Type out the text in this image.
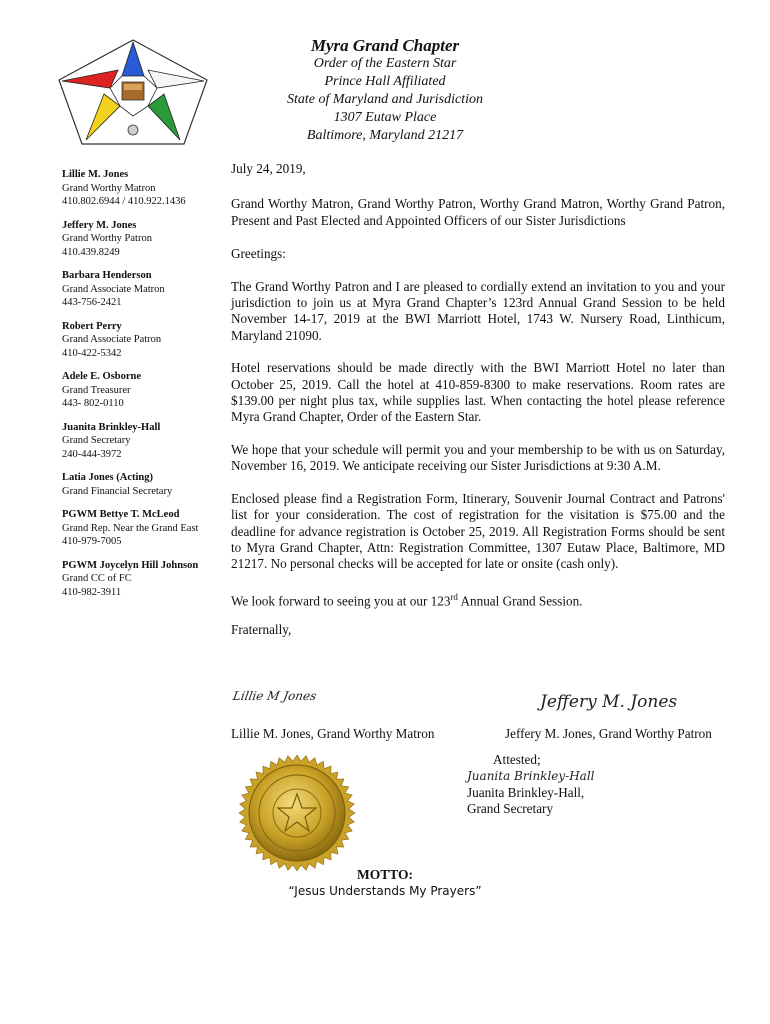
Myra Grand Chapter
Order of the Eastern Star
Prince Hall Affiliated
State of Maryland and Jurisdiction
1307 Eutaw Place
Baltimore, Maryland 21217
Lillie M. Jones
Grand Worthy Matron
410.802.6944 / 410.922.1436
Jeffery M. Jones
Grand Worthy Patron
410.439.8249
Barbara Henderson
Grand Associate Matron
443-756-2421
Robert Perry
Grand Associate Patron
410-422-5342
Adele E. Osborne
Grand Treasurer
443- 802-0110
Juanita Brinkley-Hall
Grand Secretary
240-444-3972
Latia Jones (Acting)
Grand Financial Secretary
PGWM Bettye T. McLeod
Grand Rep. Near the Grand East
410-979-7005
PGWM Joycelyn Hill Johnson
Grand CC of FC
410-982-3911

July 24, 2019,

Grand Worthy Matron, Grand Worthy Patron, Worthy Grand Matron, Worthy Grand Patron, Present and Past Elected and Appointed Officers of our Sister Jurisdictions

Greetings:

The Grand Worthy Patron and I are pleased to cordially extend an invitation to you and your jurisdiction to join us at Myra Grand Chapter’s 123rd Annual Grand Session to be held November 14-17, 2019 at the BWI Marriott Hotel, 1743 W. Nursery Road, Linthicum, Maryland 21090.

Hotel reservations should be made directly with the BWI Marriott Hotel no later than October 25, 2019. Call the hotel at 410-859-8300 to make reservations. Room rates are $139.00 per night plus tax, while supplies last. When contacting the hotel please reference Myra Grand Chapter, Order of the Eastern Star.

We hope that your schedule will permit you and your membership to be with us on Saturday, November 16, 2019. We anticipate receiving our Sister Jurisdictions at 9:30 A.M.

Enclosed please find a Registration Form, Itinerary, Souvenir Journal Contract and Patrons' list for your consideration. The cost of registration for the visitation is $75.00 and the deadline for advance registration is October 25, 2019. All Registration Forms should be sent to Myra Grand Chapter, Attn: Registration Committee, 1307 Eutaw Place, Baltimore, MD 21217. No personal checks will be accepted for late or onsite (cash only).

We look forward to seeing you at our 123rd Annual Grand Session.

Fraternally,

Lillie M Jones	Jeffery M. Jones
Lillie M. Jones, Grand Worthy Matron	Jeffery M. Jones, Grand Worthy Patron
Attested;
Juanita Brinkley-Hall
Juanita Brinkley-Hall,
Grand Secretary
MOTTO:
“Jesus Understands My Prayers”
